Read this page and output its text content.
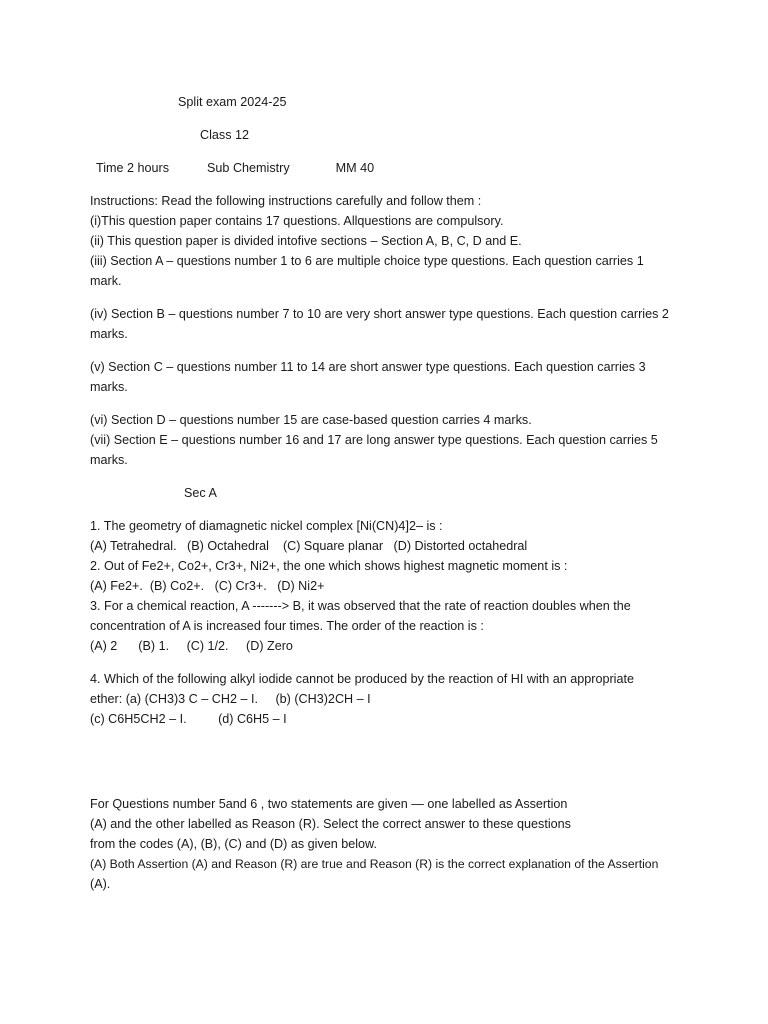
Split exam 2024-25

Class 12

Time 2 hours	Sub Chemistry	MM 40

Instructions: Read the following instructions carefully and follow them :

(i)This question paper contains 17 questions. Allquestions are compulsory.

(ii) This question paper is divided intofive sections – Section A, B, C, D and E.

(iii) Section A – questions number 1 to 6 are multiple choice type questions. Each question carries 1

mark.

(iv) Section B – questions number 7 to 10 are very short answer type questions. Each question carries 2

marks.

(v) Section C – questions number 11 to 14 are short answer type questions. Each question carries 3

marks.

(vi) Section D – questions number 15 are case-based question carries 4 marks.

(vii) Section E – questions number 16 and 17 are long answer type questions. Each question carries 5

marks.

Sec A

1. The geometry of diamagnetic nickel complex [Ni(CN)4]2– is :

(A) Tetrahedral.   (B) Octahedral    (C) Square planar   (D) Distorted octahedral

2. Out of Fe2+, Co2+, Cr3+, Ni2+, the one which shows highest magnetic moment is :

(A) Fe2+.  (B) Co2+.   (C) Cr3+.   (D) Ni2+

3. For a chemical reaction, A -------> B, it was observed that the rate of reaction doubles when the

concentration of A is increased four times. The order of the reaction is :

(A) 2      (B) 1.     (C) 1/2.     (D) Zero

4. Which of the following alkyl iodide cannot be produced by the reaction of HI with an appropriate

ether: (a) (CH3)3 C – CH2 – I.     (b) (CH3)2CH – I

(c) C6H5CH2 – I.         (d) C6H5 – I

For Questions number 5and 6 , two statements are given — one labelled as Assertion

(A) and the other labelled as Reason (R). Select the correct answer to these questions

from the codes (A), (B), (C) and (D) as given below.

(A) Both Assertion (A) and Reason (R) are true and Reason (R) is the correct explanation of the Assertion

(A).
